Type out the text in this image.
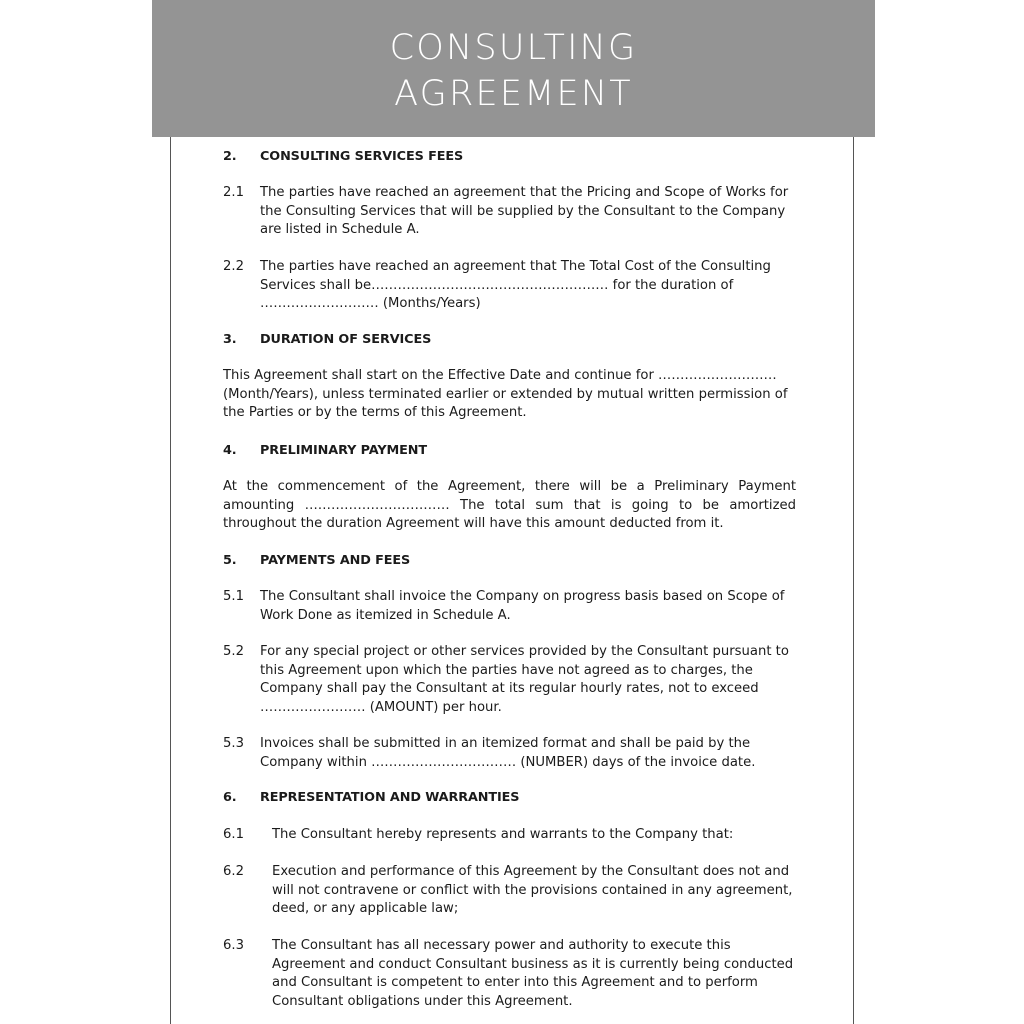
CONSULTING
AGREEMENT
2.	CONSULTING SERVICES FEES
2.1	The parties have reached an agreement that the Pricing and Scope of Works for the Consulting Services that will be supplied by the Consultant to the Company are listed in Schedule A.
2.2	The parties have reached an agreement that The Total Cost of the Consulting Services shall be……………………………………………… for the duration of ……………………… (Months/Years)
3.	DURATION OF SERVICES
This Agreement shall start on the Effective Date and continue for ……………………… (Month/Years), unless terminated earlier or extended by mutual written permission of the Parties or by the terms of this Agreement.
4.	PRELIMINARY PAYMENT
At the commencement of the Agreement, there will be a Preliminary Payment amounting …………………………… The total sum that is going to be amortized throughout the duration Agreement will have this amount deducted from it.
5.	PAYMENTS AND FEES
5.1	The Consultant shall invoice the Company on progress basis based on Scope of Work Done as itemized in Schedule A.
5.2	For any special project or other services provided by the Consultant pursuant to this Agreement upon which the parties have not agreed as to charges, the Company shall pay the Consultant at its regular hourly rates, not to exceed …………………… (AMOUNT) per hour.
5.3	Invoices shall be submitted in an itemized format and shall be paid by the Company within …………………………… (NUMBER) days of the invoice date.
6.	REPRESENTATION AND WARRANTIES
6.1	The Consultant hereby represents and warrants to the Company that:
6.2	Execution and performance of this Agreement by the Consultant does not and will not contravene or conflict with the provisions contained in any agreement, deed, or any applicable law;
6.3	The Consultant has all necessary power and authority to execute this Agreement and conduct Consultant business as it is currently being conducted and Consultant is competent to enter into this Agreement and to perform Consultant obligations under this Agreement.
